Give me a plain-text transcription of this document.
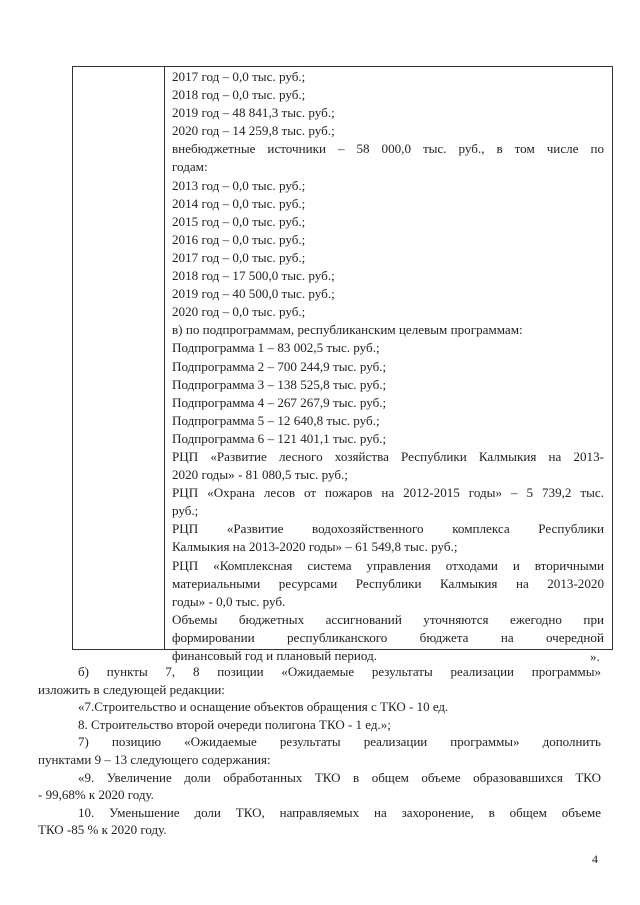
2017 год – 0,0 тыс. руб.;
2018 год – 0,0 тыс. руб.;
2019 год – 48 841,3 тыс. руб.;
2020 год – 14 259,8 тыс. руб.;
внебюджетные источники – 58 000,0 тыс. руб., в том числе по
годам:
2013 год – 0,0 тыс. руб.;
2014 год – 0,0 тыс. руб.;
2015 год – 0,0 тыс. руб.;
2016 год – 0,0 тыс. руб.;
2017 год – 0,0 тыс. руб.;
2018 год – 17 500,0 тыс. руб.;
2019 год – 40 500,0 тыс. руб.;
2020 год – 0,0 тыс. руб.;
в) по подпрограммам, республиканским целевым программам:
Подпрограмма 1 – 83 002,5 тыс. руб.;
Подпрограмма 2 – 700 244,9 тыс. руб.;
Подпрограмма 3 – 138 525,8 тыс. руб.;
Подпрограмма 4 – 267 267,9 тыс. руб.;
Подпрограмма 5 – 12 640,8 тыс. руб.;
Подпрограмма 6 – 121 401,1 тыс. руб.;
РЦП «Развитие лесного хозяйства Республики Калмыкия на 2013-
2020 годы» - 81 080,5 тыс. руб.;
РЦП «Охрана лесов от пожаров на 2012-2015 годы» – 5 739,2 тыс.
руб.;
РЦП «Развитие водохозяйственного комплекса Республики
Калмыкия на 2013-2020 годы» – 61 549,8 тыс. руб.;
РЦП «Комплексная система управления отходами и вторичными
материальными ресурсами Республики Калмыкия на 2013-2020
годы» - 0,0 тыс. руб.
Объемы бюджетных ассигнований уточняются ежегодно при
формировании республиканского бюджета на очередной
финансовый год и плановый период.	».
б) пункты 7, 8 позиции «Ожидаемые результаты реализации программы»
изложить в следующей редакции:
«7.Строительство и оснащение объектов обращения с ТКО - 10 ед.
8. Строительство второй очереди полигона ТКО - 1 ед.»;
7) позицию «Ожидаемые результаты реализации программы» дополнить
пунктами 9 – 13 следующего содержания:
«9. Увеличение доли обработанных ТКО в общем объеме образовавшихся ТКО
- 99,68% к 2020 году.
10. Уменьшение доли ТКО, направляемых на захоронение, в общем объеме
ТКО -85 % к 2020 году.
4
